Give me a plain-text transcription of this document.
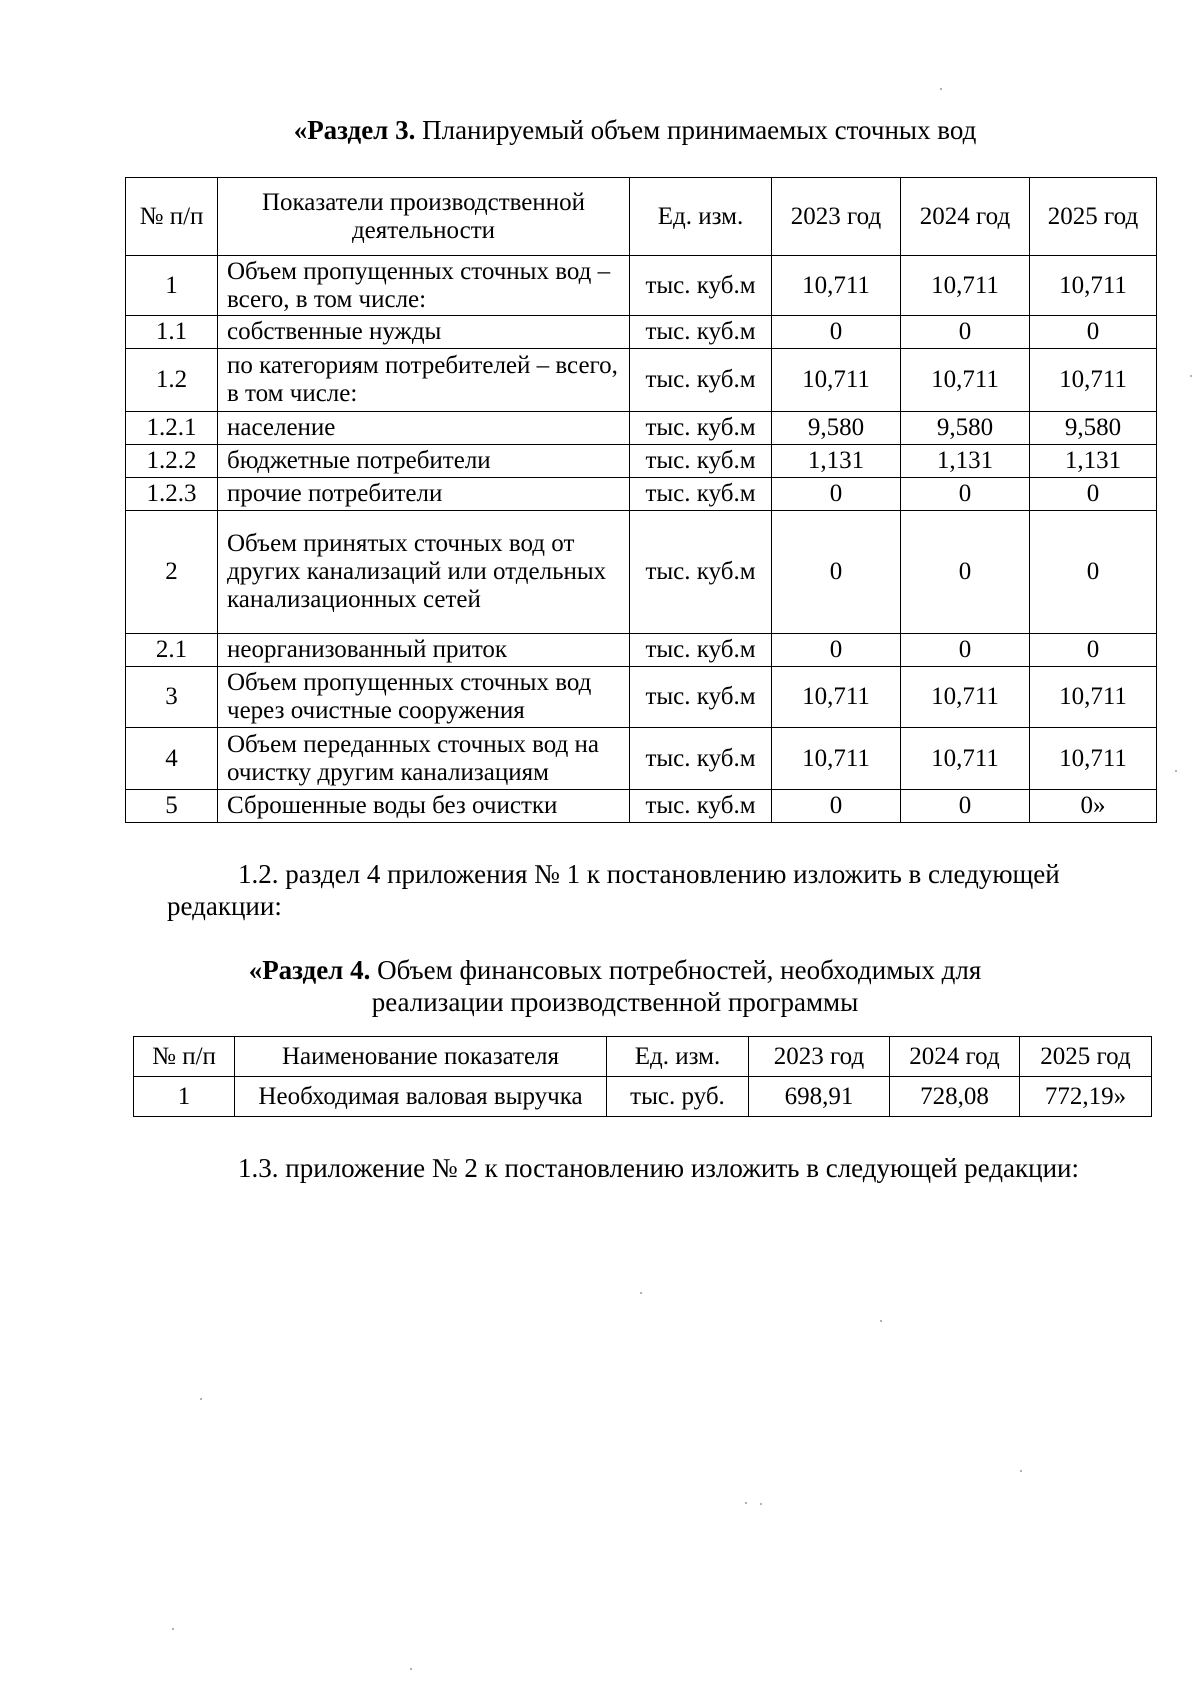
«Раздел 3. Планируемый объем принимаемых сточных вод
№ п/п	Показатели производственной деятельности	Ед. изм.	2023 год	2024 год	2025 год
1	Объем пропущенных сточных вод – всего, в том числе:	тыс. куб.м	10,711	10,711	10,711
1.1	собственные нужды	тыс. куб.м	0	0	0
1.2	по категориям потребителей – всего, в том числе:	тыс. куб.м	10,711	10,711	10,711
1.2.1	население	тыс. куб.м	9,580	9,580	9,580
1.2.2	бюджетные потребители	тыс. куб.м	1,131	1,131	1,131
1.2.3	прочие потребители	тыс. куб.м	0	0	0
2	Объем принятых сточных вод от других канализаций или отдельных канализационных сетей	тыс. куб.м	0	0	0
2.1	неорганизованный приток	тыс. куб.м	0	0	0
3	Объем пропущенных сточных вод через очистные сооружения	тыс. куб.м	10,711	10,711	10,711
4	Объем переданных сточных вод на очистку другим канализациям	тыс. куб.м	10,711	10,711	10,711
5	Сброшенные воды без очистки	тыс. куб.м	0	0	0»
1.2. раздел 4 приложения № 1 к постановлению изложить в следующей редакции:
«Раздел 4. Объем финансовых потребностей, необходимых для
реализации производственной программы
№ п/п	Наименование показателя	Ед. изм.	2023 год	2024 год	2025 год
1	Необходимая валовая выручка	тыс. руб.	698,91	728,08	772,19»
1.3. приложение № 2 к постановлению изложить в следующей редакции:
